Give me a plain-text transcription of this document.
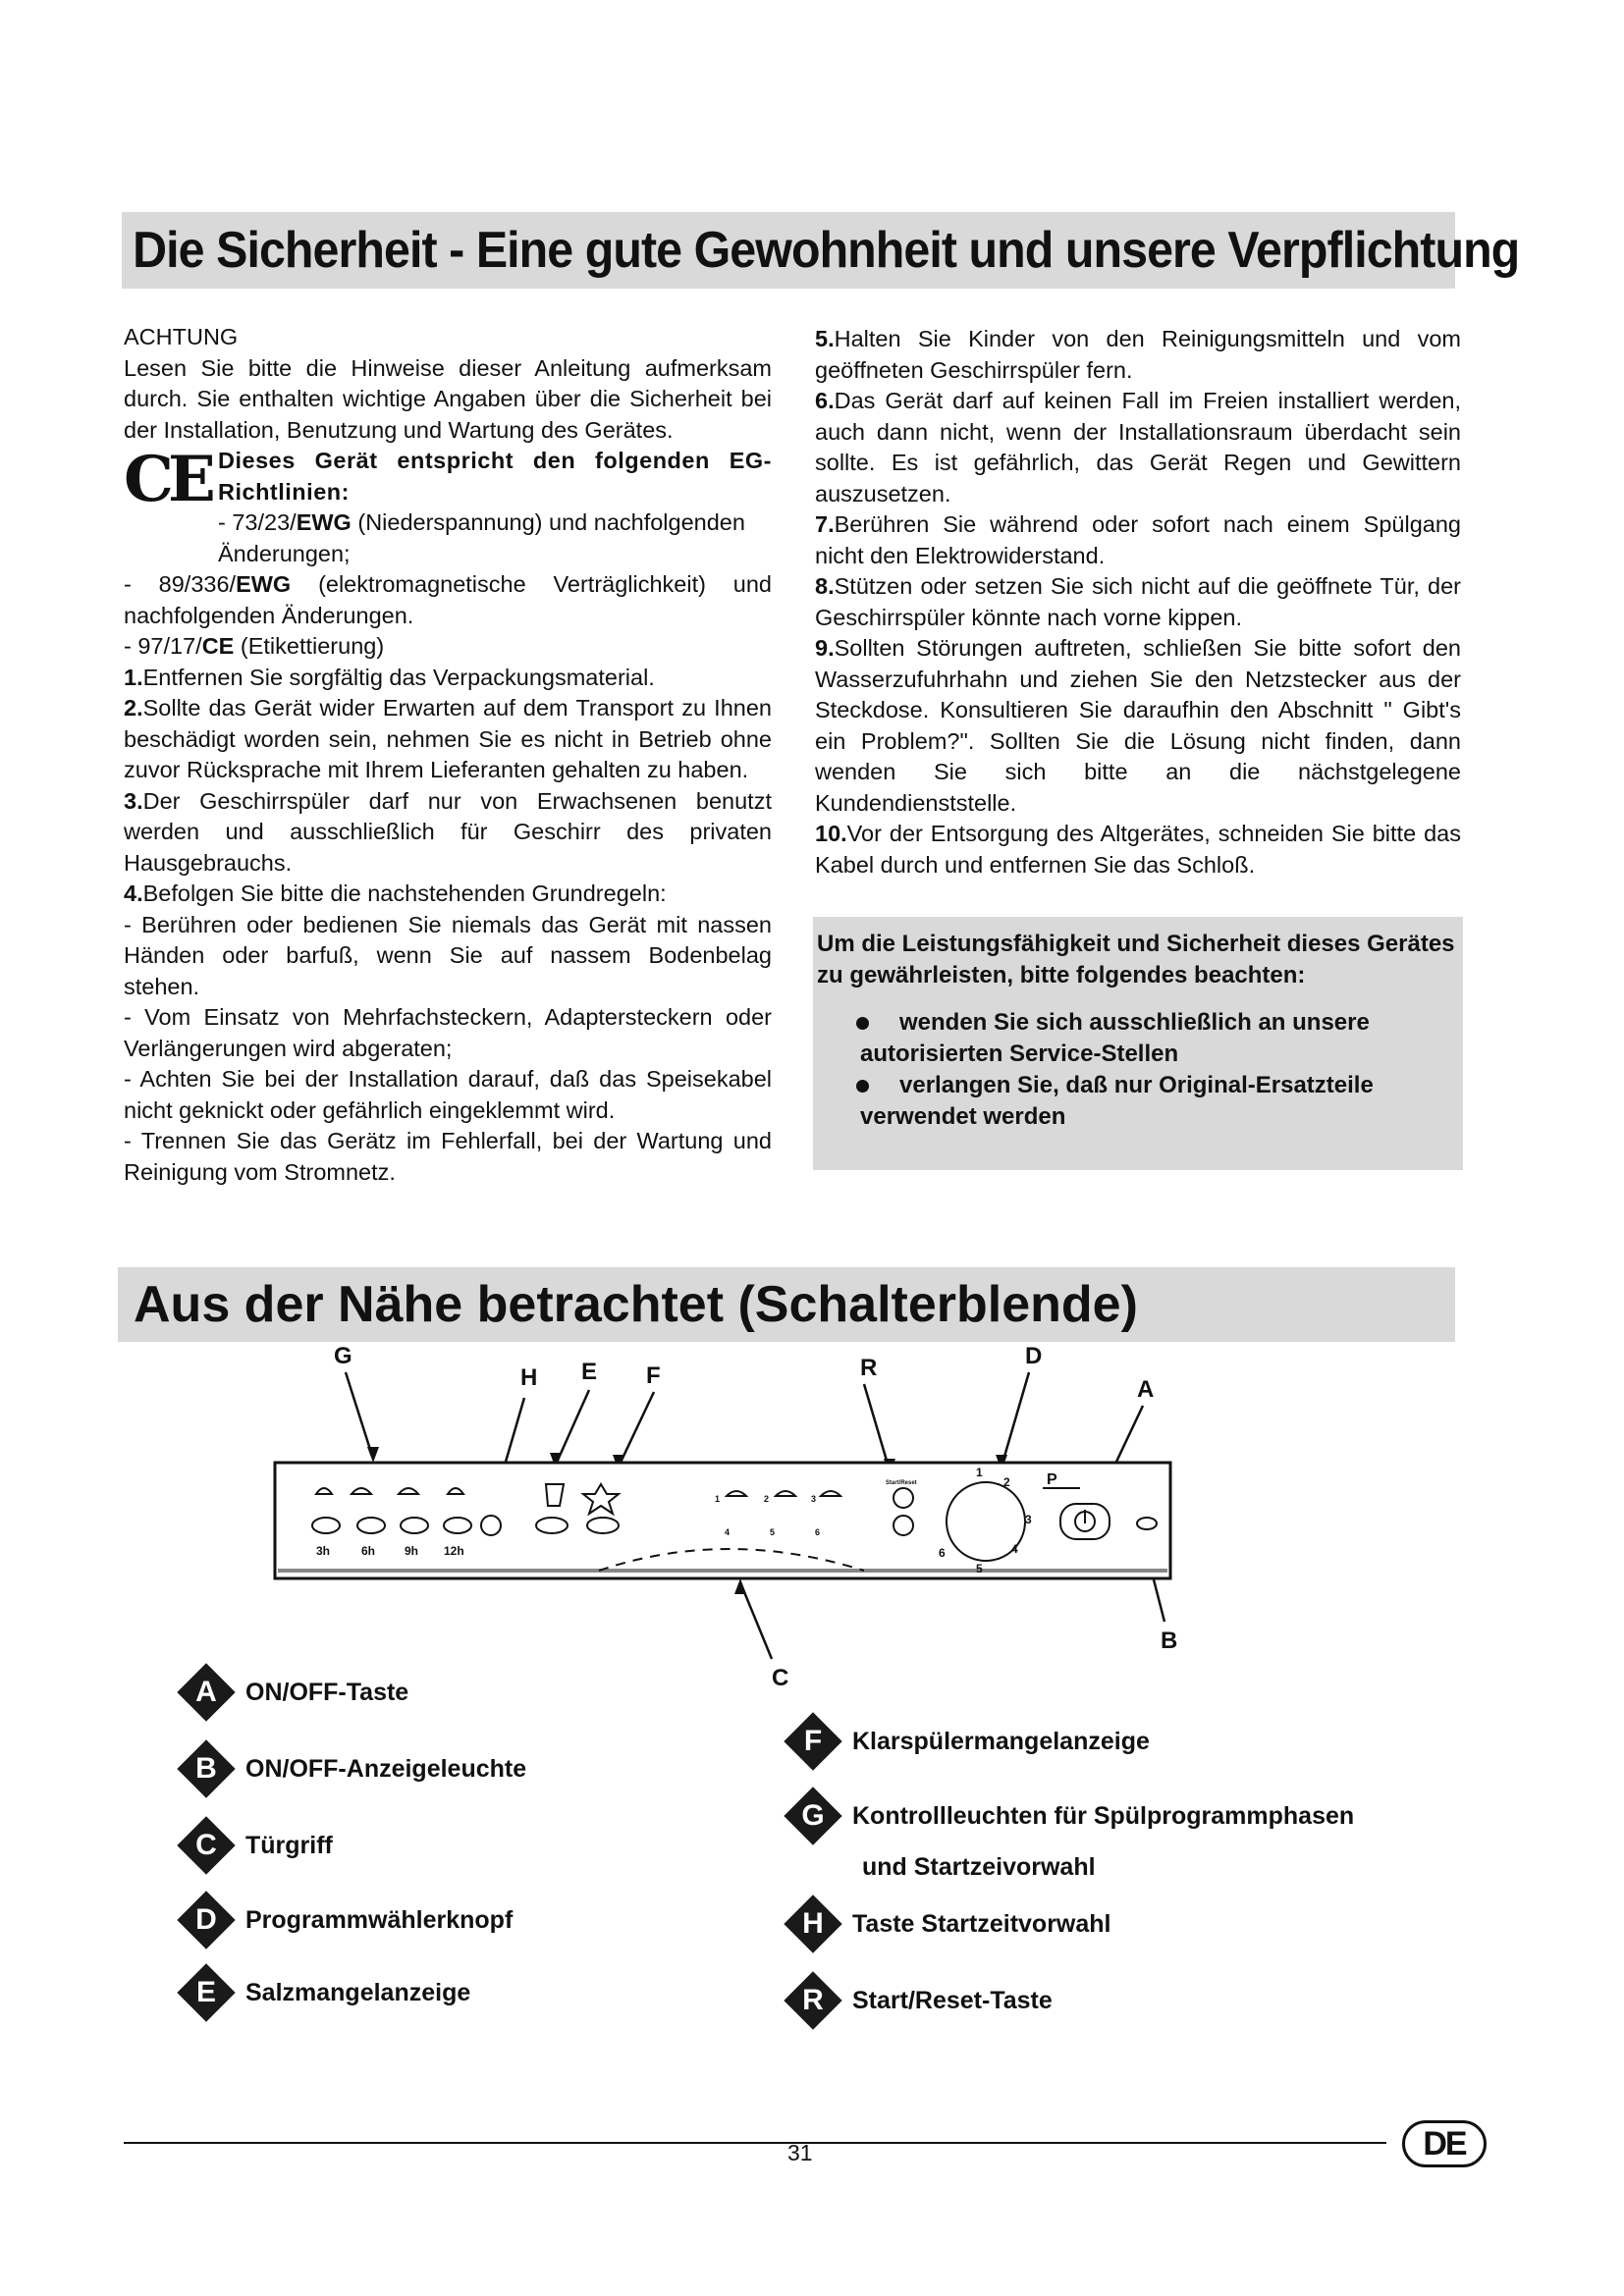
Die Sicherheit - Eine gute Gewohnheit und unsere Verpflichtung

ACHTUNG

Lesen Sie bitte die Hinweise dieser Anleitung aufmerksam durch. Sie enthalten wichtige Angaben über die Sicherheit bei der Installation, Benutzung und Wartung des Gerätes.

CE Dieses Gerät entspricht den folgenden EG-Richtlinien:

- 73/23/EWG (Niederspannung) und nachfolgenden Änderungen;

- 89/336/EWG (elektromagnetische Verträglichkeit) und nachfolgenden Änderungen.

- 97/17/CE (Etikettierung)

1.Entfernen Sie sorgfältig das Verpackungsmaterial.

2.Sollte das Gerät wider Erwarten auf dem Transport zu Ihnen beschädigt worden sein, nehmen Sie es nicht in Betrieb ohne zuvor Rücksprache mit Ihrem Lieferanten gehalten zu haben.

3.Der Geschirrspüler darf nur von Erwachsenen benutzt werden und ausschließlich für Geschirr des privaten Hausgebrauchs.

4.Befolgen Sie bitte die nachstehenden Grundregeln:

- Berühren oder bedienen Sie niemals das Gerät mit nassen Händen oder barfuß, wenn Sie auf nassem Bodenbelag stehen.

- Vom Einsatz von Mehrfachsteckern, Adaptersteckern oder Verlängerungen wird abgeraten;

- Achten Sie bei der Installation darauf, daß das Speisekabel nicht geknickt oder gefährlich eingeklemmt wird.

- Trennen Sie das Gerätz im Fehlerfall, bei der Wartung und Reinigung vom Stromnetz.

5.Halten Sie Kinder von den Reinigungsmitteln und vom geöffneten Geschirrspüler fern.

6.Das Gerät darf auf keinen Fall im Freien installiert werden, auch dann nicht, wenn der Installationsraum überdacht sein sollte. Es ist gefährlich, das Gerät Regen und Gewittern auszusetzen.

7.Berühren Sie während oder sofort nach einem Spülgang nicht den Elektrowiderstand.

8.Stützen oder setzen Sie sich nicht auf die geöffnete Tür, der Geschirrspüler könnte nach vorne kippen.

9.Sollten Störungen auftreten, schließen Sie bitte sofort den Wasserzufuhrhahn und ziehen Sie den Netzstecker aus der Steckdose. Konsultieren Sie daraufhin den Abschnitt " Gibt's ein Problem?". Sollten Sie die Lösung nicht finden, dann wenden Sie sich bitte an die nächstgelegene Kundendienststelle.

10.Vor der Entsorgung des Altgerätes, schneiden Sie bitte das Kabel durch und entfernen Sie das Schloß.

Um die Leistungsfähigkeit und Sicherheit dieses Gerätes zu gewährleisten, bitte folgendes beachten:

wenden Sie sich ausschließlich an unsere autorisierten Service-Stellen
verlangen Sie, daß nur Original-Ersatzteile verwendet werden
Aus der Nähe betrachtet (Schalterblende)
G
H E F	R	D
A
B
C
3h	6h 9h 12h
P
Start/Reset
1
2
3
4
5
6
1	2	3
4	5	6
A	ON/OFF-Taste
B	ON/OFF-Anzeigeleuchte
C	Türgriff
D	Programmwählerknopf
E	Salzmangelanzeige
F	Klarspülermangelanzeige
G	Kontrollleuchten für Spülprogrammphasen
und Startzeivorwahl
H	Taste Startzeitvorwahl
R	Start/Reset-Taste
31	DE
